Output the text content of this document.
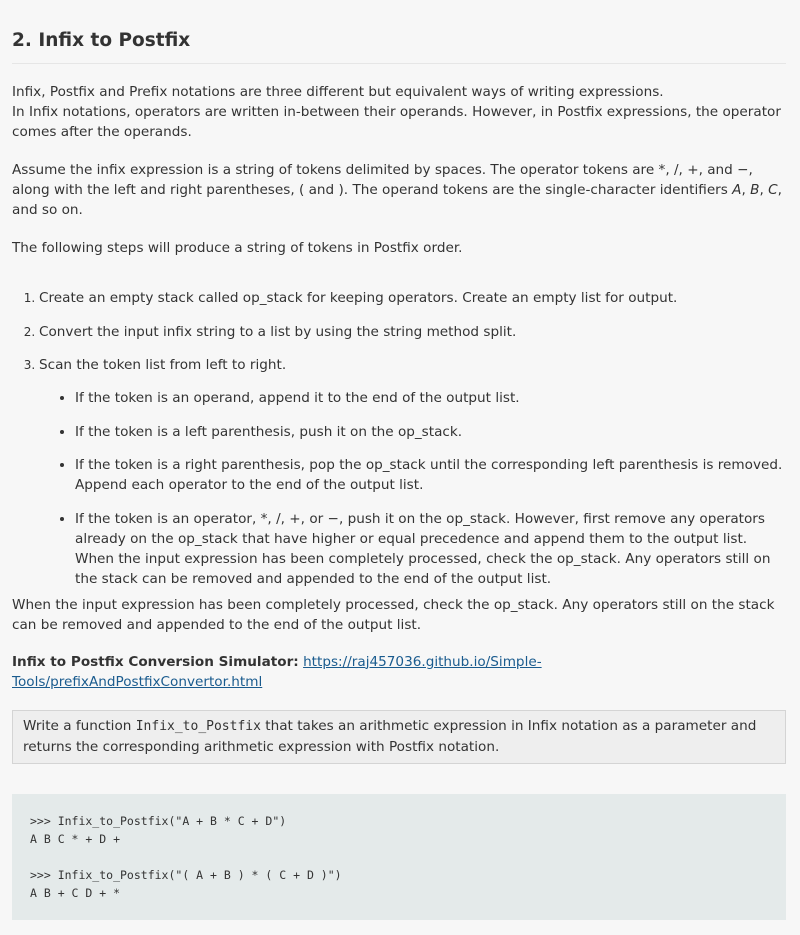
2. Infix to Postfix

Infix, Postfix and Prefix notations are three different but equivalent ways of writing expressions.
In Infix notations, operators are written in-between their operands. However, in Postfix expressions, the operator comes after the operands.

Assume the infix expression is a string of tokens delimited by spaces. The operator tokens are *, /, +, and −, along with the left and right parentheses, ( and ). The operand tokens are the single-character identifiers A, B, C, and so on.

The following steps will produce a string of tokens in Postfix order.

1. Create an empty stack called op_stack for keeping operators. Create an empty list for output.
2. Convert the input infix string to a list by using the string method split.
3. Scan the token list from left to right.
• If the token is an operand, append it to the end of the output list.
• If the token is a left parenthesis, push it on the op_stack.
• If the token is a right parenthesis, pop the op_stack until the corresponding left parenthesis is removed. Append each operator to the end of the output list.
• If the token is an operator, *, /, +, or −, push it on the op_stack. However, first remove any operators already on the op_stack that have higher or equal precedence and append them to the output list. When the input expression has been completely processed, check the op_stack. Any operators still on the stack can be removed and appended to the end of the output list.

When the input expression has been completely processed, check the op_stack. Any operators still on the stack can be removed and appended to the end of the output list.

Infix to Postfix Conversion Simulator: https://raj457036.github.io/Simple-Tools/prefixAndPostfixConvertor.html

Write a function Infix_to_Postfix that takes an arithmetic expression in Infix notation as a parameter and returns the corresponding arithmetic expression with Postfix notation.
>>> Infix_to_Postfix("A + B * C + D")
A B C * + D +
>>> Infix_to_Postfix("( A + B ) * ( C + D )")
A B + C D + *
